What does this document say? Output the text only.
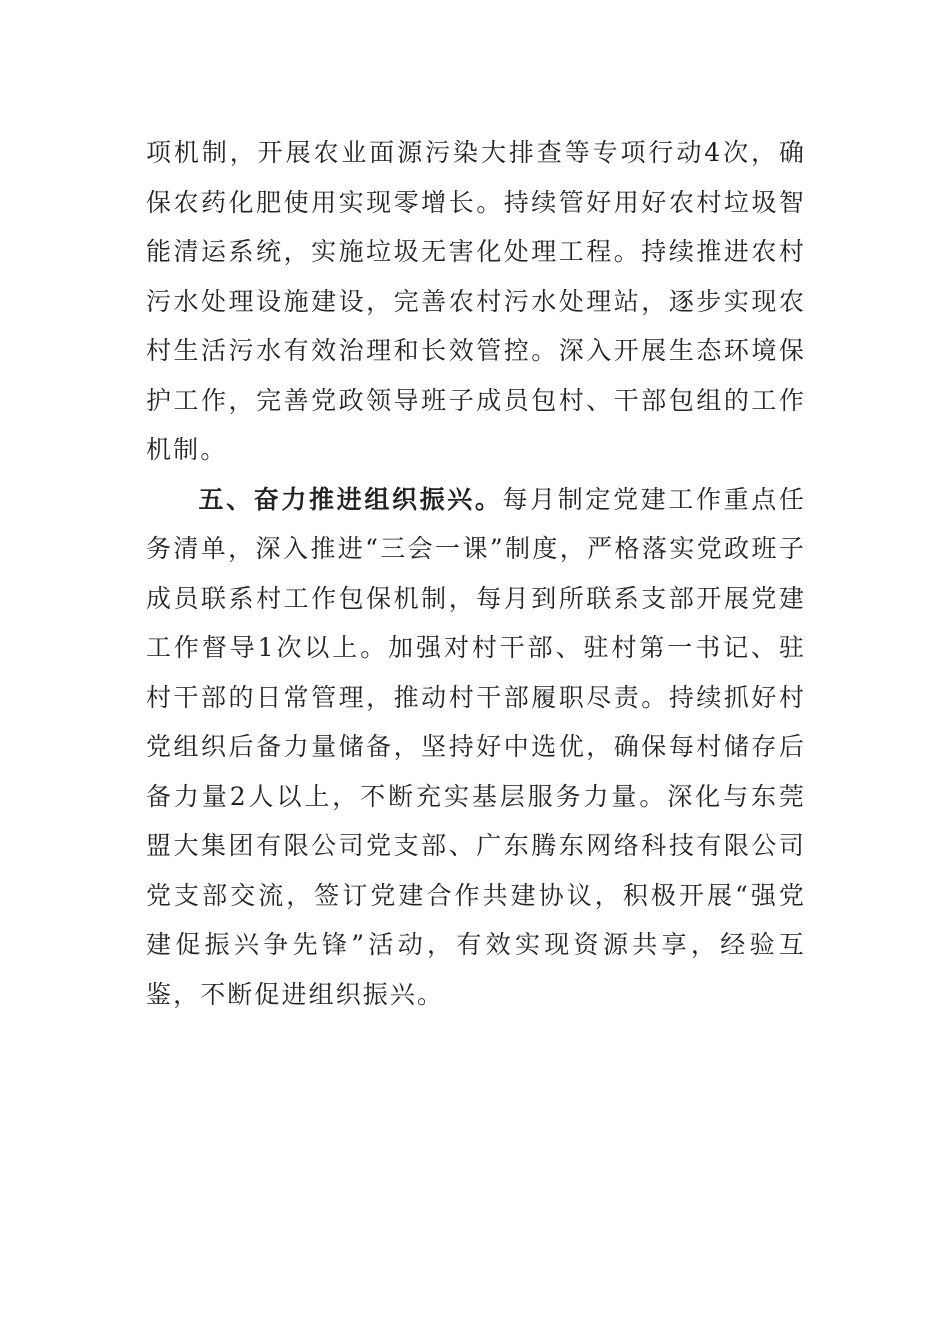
项机制，开展农业面源污染大排查等专项行动4次，确保农药化肥使用实现零增长。持续管好用好农村垃圾智能清运系统，实施垃圾无害化处理工程。持续推进农村污水处理设施建设，完善农村污水处理站，逐步实现农村生活污水有效治理和长效管控。深入开展生态环境保护工作，完善党政领导班子成员包村、干部包组的工作机制。

五、奋力推进组织振兴。每月制定党建工作重点任务清单，深入推进“三会一课”制度，严格落实党政班子成员联系村工作包保机制，每月到所联系支部开展党建工作督导1次以上。加强对村干部、驻村第一书记、驻村干部的日常管理，推动村干部履职尽责。持续抓好村党组织后备力量储备，坚持好中选优，确保每村储存后备力量2人以上，不断充实基层服务力量。深化与东莞盟大集团有限公司党支部、广东腾东网络科技有限公司党支部交流，签订党建合作共建协议，积极开展“强党建促振兴争先锋”活动，有效实现资源共享，经验互鉴，不断促进组织振兴。
